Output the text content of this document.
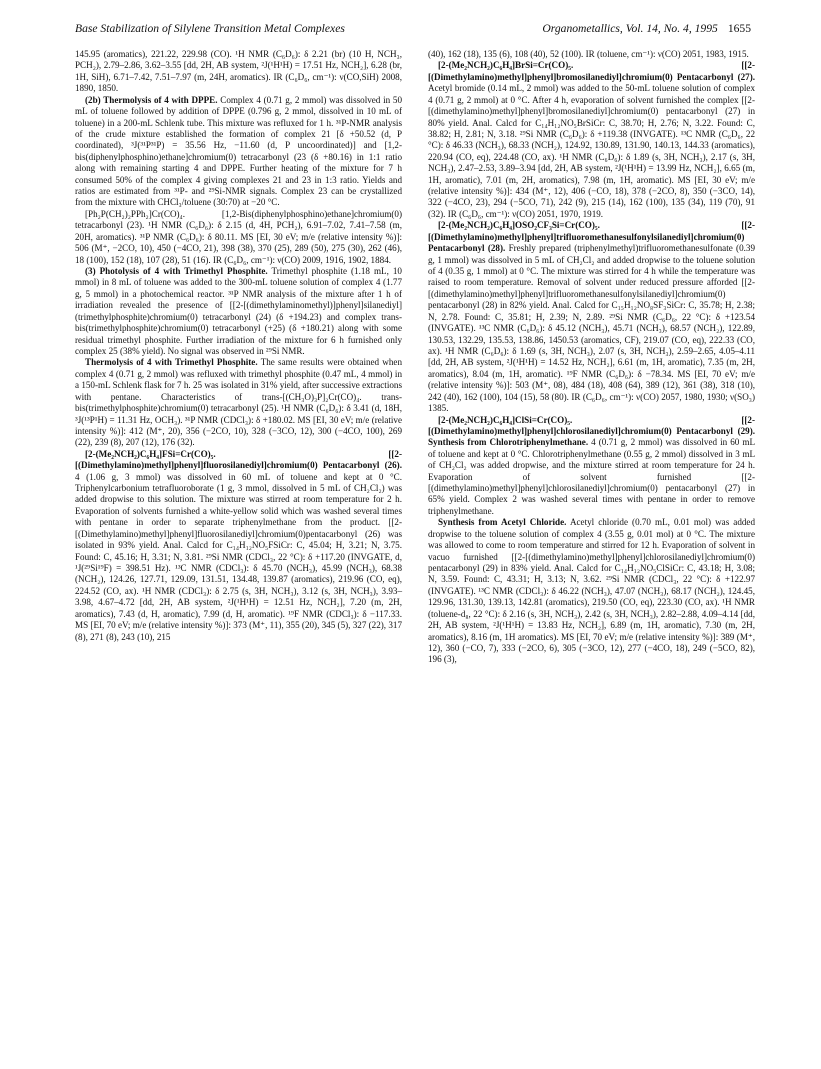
Base Stabilization of Silylene Transition Metal Complexes	Organometallics, Vol. 14, No. 4, 1995 1655

145.95 (aromatics), 221.22, 229.98 (CO). ¹H NMR (C₆D₆): δ 2.21 (br) (10 H, NCH₃, PCH₂), 2.79–2.86, 3.62–3.55 [dd, 2H, AB system, ²J(¹H¹H) = 17.51 Hz, NCH₂], 6.28 (br, 1H, SiH), 6.71–7.42, 7.51–7.97 (m, 24H, aromatics). IR (C₆D₆, cm⁻¹): ν(CO,SiH) 2008, 1890, 1850.

(2b) Thermolysis of 4 with DPPE. Complex 4 (0.71 g, 2 mmol) was dissolved in 50 mL of toluene followed by addition of DPPE (0.796 g, 2 mmol, dissolved in 10 mL of toluene) in a 200-mL Schlenk tube. This mixture was refluxed for 1 h. ³¹P-NMR analysis of the crude mixture established the formation of complex 21 [δ +50.52 (d, P coordinated), ³J(³¹P³¹P) = 35.56 Hz, −11.60 (d, P uncoordinated)] and [1,2-bis(diphenylphosphino)ethane]chromium(0) tetracarbonyl (23 (δ +80.16) in 1:1 ratio along with remaining starting 4 and DPPE. Further heating of the mixture for 7 h consumed 50% of the complex 4 giving complexes 21 and 23 in 1:3 ratio. Yields and ratios are estimated from ³¹P- and ²⁹Si-NMR signals. Complex 23 can be crystallized from the mixture with CHCl₃/toluene (30:70) at −20 °C.

[Ph₂P(CH₂)₂PPh₂]Cr(CO)₄. [1,2-Bis(diphenylphosphino)ethane]chromium(0) tetracarbonyl (23). ¹H NMR (C₆D₆): δ 2.15 (d, 4H, PCH₂), 6.91–7.02, 7.41–7.58 (m, 20H, aromatics). ³¹P NMR (C₆D₆): δ 80.11. MS [EI, 30 eV; m/e (relative intensity %)]: 506 (M⁺, −2CO, 10), 450 (−4CO, 21), 398 (38), 370 (25), 289 (50), 275 (30), 262 (46), 18 (100), 152 (18), 107 (28), 51 (16). IR (C₆D₆, cm⁻¹): ν(CO) 2009, 1916, 1902, 1884.

(3) Photolysis of 4 with Trimethyl Phosphite. Trimethyl phosphite (1.18 mL, 10 mmol) in 8 mL of toluene was added to the 300-mL toluene solution of complex 4 (1.77 g, 5 mmol) in a photochemical reactor. ³¹P NMR analysis of the mixture after 1 h of irradiation revealed the presence of [[2-[(dimethylaminomethyl)]phenyl]silanediyl](trimethylphosphite)chromium(0) tetracarbonyl (24) (δ +194.23) and complex trans-bis(trimethylphosphite)chromium(0) tetracarbonyl (+25) (δ +180.21) along with some residual trimethyl phosphite. Further irradiation of the mixture for 6 h furnished only complex 25 (38% yield). No signal was observed in ²⁹Si NMR.

Thermolysis of 4 with Trimethyl Phosphite. The same results were obtained when complex 4 (0.71 g, 2 mmol) was refluxed with trimethyl phosphite (0.47 mL, 4 mmol) in a 150-mL Schlenk flask for 7 h. 25 was isolated in 31% yield, after successive extractions with pentane. Characteristics of trans-[(CH₃O)₃P]₂Cr(CO)₄. trans-bis(trimethylphosphite)chromium(0) tetracarbonyl (25). ¹H NMR (C₆D₆): δ 3.41 (d, 18H, ³J(¹³P¹H) = 11.31 Hz, OCH₃). ³¹P NMR (CDCl₃): δ +180.02. MS [EI, 30 eV; m/e (relative intensity %)]: 412 (M⁺, 20), 356 (−2CO, 10), 328 (−3CO, 12), 300 (−4CO, 100), 269 (22), 239 (8), 207 (12), 176 (32).

[2-(Me₂NCH₂)C₆H₄]FSi=Cr(CO)₅. [[2-[(Dimethylamino)methyl]phenyl]fluorosilanediyl]chromium(0) Pentacarbonyl (26). 4 (1.06 g, 3 mmol) was dissolved in 60 mL of toluene and kept at 0 °C. Triphenylcarbonium tetrafluoroborate (1 g, 3 mmol, dissolved in 5 mL of CH₂Cl₂) was added dropwise to this solution. The mixture was stirred at room temperature for 2 h. Evaporation of solvents furnished a white-yellow solid which was washed several times with pentane in order to separate triphenylmethane from the product. [[2-[(Dimethylamino)methyl]phenyl]fluorosilanediyl]chromium(0)pentacarbonyl (26) was isolated in 93% yield. Anal. Calcd for C₁₄H₁₂NO₅FSiCr: C, 45.04; H, 3.21; N, 3.75. Found: C, 45.16; H, 3.31; N, 3.81. ²⁹Si NMR (CDCl₃, 22 °C): δ +117.20 (INVGATE, d, ¹J(²⁹Si¹⁹F) = 398.51 Hz). ¹³C NMR (CDCl₃): δ 45.70 (NCH₃), 45.99 (NCH₃), 68.38 (NCH₂), 124.26, 127.71, 129.09, 131.51, 134.48, 139.87 (aromatics), 219.96 (CO, eq), 224.52 (CO, ax). ¹H NMR (CDCl₃): δ 2.75 (s, 3H, NCH₃), 3.12 (s, 3H, NCH₃), 3.93–3.98, 4.67–4.72 [dd, 2H, AB system, ²J(¹H¹H) = 12.51 Hz, NCH₂], 7.20 (m, 2H, aromatics), 7.43 (d, H, aromatic), 7.99 (d, H, aromatic). ¹⁹F NMR (CDCl₃): δ −117.33. MS [EI, 70 eV; m/e (relative intensity %)]: 373 (M⁺, 11), 355 (20), 345 (5), 327 (22), 317 (8), 271 (8), 243 (10), 215

(40), 162 (18), 135 (6), 108 (40), 52 (100). IR (toluene, cm⁻¹): ν(CO) 2051, 1983, 1915.

[2-(Me₂NCH₂)C₆H₄]BrSi=Cr(CO)₅. [[2-[(Dimethylamino)methyl]phenyl]bromosilanediyl]chromium(0) Pentacarbonyl (27). Acetyl bromide (0.14 mL, 2 mmol) was added to the 50-mL toluene solution of complex 4 (0.71 g, 2 mmol) at 0 °C. After 4 h, evaporation of solvent furnished the complex [[2-[(dimethylamino)methyl]phenyl]bromosilanediyl]chromium(0) pentacarbonyl (27) in 80% yield. Anal. Calcd for C₁₄H₁₂NO₅BrSiCr: C, 38.70; H, 2.76; N, 3.22. Found: C, 38.82; H, 2.81; N, 3.18. ²⁹Si NMR (C₆D₆): δ +119.38 (INVGATE). ¹³C NMR (C₆D₆, 22 °C): δ 46.33 (NCH₃), 68.33 (NCH₂), 124.92, 130.89, 131.90, 140.13, 144.33 (aromatics), 220.94 (CO, eq), 224.48 (CO, ax). ¹H NMR (C₆D₆): δ 1.89 (s, 3H, NCH₃), 2.17 (s, 3H, NCH₃), 2.47–2.53, 3.89–3.94 [dd, 2H, AB system, ²J(¹H¹H) = 13.99 Hz, NCH₂], 6.65 (m, 1H, aromatic), 7.01 (m, 2H, aromatics), 7.98 (m, 1H, aromatic). MS [EI, 30 eV; m/e (relative intensity %)]: 434 (M⁺, 12), 406 (−CO, 18), 378 (−2CO, 8), 350 (−3CO, 14), 322 (−4CO, 23), 294 (−5CO, 71), 242 (9), 215 (14), 162 (100), 135 (34), 119 (70), 91 (32). IR (C₆D₆, cm⁻¹): ν(CO) 2051, 1970, 1919.

[2-(Me₂NCH₂)C₆H₄]OSO₂CF₃Si=Cr(CO)₅. [[2-[(Dimethylamino)methyl]phenyl]trifluoromethanesulfonylsilanediyl]chromium(0) Pentacarbonyl (28). Freshly prepared (triphenylmethyl)trifluoromethanesulfonate (0.39 g, 1 mmol) was dissolved in 5 mL of CH₂Cl₂ and added dropwise to the toluene solution of 4 (0.35 g, 1 mmol) at 0 °C. The mixture was stirred for 4 h while the temperature was raised to room temperature. Removal of solvent under reduced pressure afforded [[2-[(dimethylamino)methyl]phenyl]trifluoromethanesulfonylsilanediyl]chromium(0) pentacarbonyl (28) in 82% yield. Anal. Calcd for C₁₅H₁₂NO₈SF₃SiCr: C, 35.78; H, 2.38; N, 2.78. Found: C, 35.81; H, 2.39; N, 2.89. ²⁹Si NMR (C₆D₆, 22 °C): δ +123.54 (INVGATE). ¹³C NMR (C₆D₆): δ 45.12 (NCH₃), 45.71 (NCH₃), 68.57 (NCH₂), 122.89, 130.53, 132.29, 135.53, 138.86, 1450.53 (aromatics, CF), 219.07 (CO, eq), 222.33 (CO, ax). ¹H NMR (C₆D₆): δ 1.69 (s, 3H, NCH₃), 2.07 (s, 3H, NCH₃), 2.59–2.65, 4.05–4.11 [dd, 2H, AB system, ²J(¹H¹H) = 14.52 Hz, NCH₂], 6.61 (m, 1H, aromatic), 7.35 (m, 2H, aromatics), 8.04 (m, 1H, aromatic). ¹⁹F NMR (C₆D₆): δ −78.34. MS [EI, 70 eV; m/e (relative intensity %)]: 503 (M⁺, 08), 484 (18), 408 (64), 389 (12), 361 (38), 318 (10), 242 (40), 162 (100), 104 (15), 58 (80). IR (C₆D₆, cm⁻¹): ν(CO) 2057, 1980, 1930; ν(SO₃) 1385.

[2-(Me₂NCH₂)C₆H₄]ClSi=Cr(CO)₅. [[2-[(Dimethylamino)methyl]phenyl]chlorosilanediyl]chromium(0) Pentacarbonyl (29). Synthesis from Chlorotriphenylmethane. 4 (0.71 g, 2 mmol) was dissolved in 60 mL of toluene and kept at 0 °C. Chlorotriphenylmethane (0.55 g, 2 mmol) dissolved in 3 mL of CH₂Cl₂ was added dropwise, and the mixture stirred at room temperature for 24 h. Evaporation of solvent furnished [[2-[(dimethylamino)methyl]phenyl]chlorosilanediyl]chromium(0) pentacarbonyl (27) in 65% yield. Complex 2 was washed several times with pentane in order to remove triphenylmethane.

Synthesis from Acetyl Chloride. Acetyl chloride (0.70 mL, 0.01 mol) was added dropwise to the toluene solution of complex 4 (3.55 g, 0.01 mol) at 0 °C. The mixture was allowed to come to room temperature and stirred for 12 h. Evaporation of solvent in vacuo furnished [[2-[(dimethylamino)methyl]phenyl]chlorosilanediyl]chromium(0) pentacarbonyl (29) in 83% yield. Anal. Calcd for C₁₄H₁₂NO₅ClSiCr: C, 43.18; H, 3.08; N, 3.59. Found: C, 43.31; H, 3.13; N, 3.62. ²⁹Si NMR (CDCl₃, 22 °C): δ +122.97 (INVGATE). ¹³C NMR (CDCl₃): δ 46.22 (NCH₃), 47.07 (NCH₃), 68.17 (NCH₂), 124.45, 129.96, 131.30, 139.13, 142.81 (aromatics), 219.50 (CO, eq), 223.30 (CO, ax). ¹H NMR (toluene-d₈, 22 °C): δ 2.16 (s, 3H, NCH₃), 2.42 (s, 3H, NCH₃), 2.82–2.88, 4.09–4.14 [dd, 2H, AB system, ²J(¹H¹H) = 13.83 Hz, NCH₂], 6.89 (m, 1H, aromatic), 7.30 (m, 2H, aromatics), 8.16 (m, 1H aromatics). MS [EI, 70 eV; m/e (relative intensity %)]: 389 (M⁺, 12), 360 (−CO, 7), 333 (−2CO, 6), 305 (−3CO, 12), 277 (−4CO, 18), 249 (−5CO, 82), 196 (3),
